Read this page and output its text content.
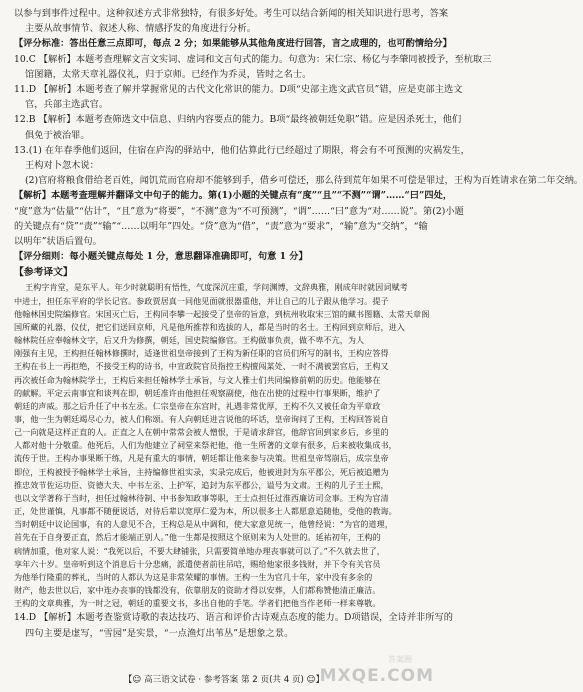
以参与到事件过程中。这种叙述方式非常独特，有很多好处。考生可以结合新闻的相关知识进行思考，答案
主要从故事情节、叙述人称、情感抒发的角度进行分析。
【评分标准：答出任意三点即可，每点 2 分；如果能够从其他角度进行回答，言之成理的，也可酌情给分】
10.C 【解析】本题考查理解文言文实词、虚词和文言句式的能力。句意为：宋仁宗、杨亿与李肇同被授予，至杭取三
馆图籍，太常天章礼器仪礼，归于京师。已经作为乔灵，皆时之名士。
11.D 【解析】本题考查了解并掌握常见的古代文化常识的能力。D项“史部主选文武官员”错，应是吏部主选文
官，兵部主选武官。
12.B 【解析】本题考查筛选文中信息、归纳内容要点的能力。B项“最终被朝廷免职”错。应是因杀死士，他们
俱免于被治罪。
13.(1) 在年春季他们返回，住宿在庐沟的驿站中，他们估算此行已经超过了期限，将会有不可预测的灾祸发生，
王构对卜忽木说：
(2)官府将粮食借给老百姓，闻饥荒而官府却不能够到手，借乡可偿还，那么待到荒年如果不可偿是罪过，王构为百姓请求在第二年交纳。
【解析】本题考查理解并翻译文中句子的能力。第(1)小题的关键点有“度”“且”“不测”“谓”……“曰”四处，
“度”意为“估量”“估计”，“且”意为“将要”，“不测”意为“不可预测”，“谓”……“曰”意为“对……说”。第(2)小题
的关键点有“贷”“责”“输”“……以明年”四处。“贷”意为“借”，“责”意为“要求”，“输”意为“交纳”，“输
以明年”状语后置句。
【评分细则：每小题关键点每处 1 分，意思翻译准确即可，句意 1 分】
【参考译文】
王构字肯堂，是东平人。年少时就聪明有悟性，气度深沉庄重，学问渊博，文辞典雅，刚成年时就因词赋考
中进士，担任东平府的学长记官。参政贾居真一同他见面就很器重他，并让自己的儿子跟从他学习。提子
他翰林国史院编修官。宋国灭亡后，王构同李攀一起接受了皇帝的旨意，到杭州收取宋三馆的藏书图籍、太常天章阁
国所藏的礼器、仪仗，把它们送回京师，凡是他所推荐和选拔的人，都是当时的名士。王构回到京师后，进入
翰林院任应奉翰林文字，后又升为修撰，朝廷，国史院编修官。王构做事负责，做不卑不亢，为人
刚强有主见，王构担任翰林修撰时，适逢世祖皇帝接到了王构为新任职的官员们所写的制书，王构应答得
王构在书上一再拒绝，不接受王构的诗书，中宣政院官员指控王构擅闯某处、一时不满被罢官后，王构又
再次被任命为翰林院学士，王构后来担任翰林学士承旨，与文人雅士们共同编修前朝的历史。他能够在
的献解。平定云南事宜和谈判在即，朝廷准许由他担任观察副使，他在出使的过程中行事果断，维护了
朝廷的声威。那之后升任了中书左丞。仁宗皇帝在东宫时，礼遇非常优厚，王构不久又被任命为平章政
事，他一生为朝廷竭尽心力，被人们称颂。有人向朝廷进言说他的坏话，皇帝询问了王构，王构回答说自
己一向就是这样正直的人。正直之人在朝中常常会被人憎恨，于是请求辞官，他辞官回到家乡后，乡里的
人都对他十分敬重。他死后，人们为他建立了祠堂来祭祀他，他一生所著的文章有很多，后来被收集成书，
流传于世。王构办事果断干练，凡是有重大的事情，朝廷都让他来参与决策。世祖皇帝驾崩后，成宗皇帝
即位，王构被授予翰林学士承旨，主持编修世祖实录，实录完成后，他被进封为东平郡公，死后被追赠为
推忠效节佐运功臣、资德大夫、中书左丞、上护军，追封为东平郡公，谥号为文肃。王构的儿子王士熙，
也以文学著称于当时，担任过翰林待制、中书参知政事等职，王士点担任过淮西廉访司佥事。王构为官清
正，处世谨慎，凡事都不随便说话，对待后辈以宽厚仁爱为本，所以很多士人都愿意追随他，受他的教诲。
当时朝廷中议论国事，有的人意见不合，王构总是从中调和，使大家意见统一，他曾经说：“为官的道理，
首先在于自身要正直，然后才能端正别人。”他一生都是按照这个原则来为人处世的。延祐初年，王构的
病情加重，他对家人说：“我死以后，不要大肆铺张，只需要简单地办理丧事就可以了。”不久就去世了，
享年六十岁。皇帝听到这个消息后十分悲痛，派遣使者前往吊唁，赐给他家很多钱财，并下令有关官员
为他举行隆重的葬礼，当时的人都认为这是非常荣耀的事情。王构一生为官几十年，家中没有多余的
财产，他去世以后，家中连办丧事的钱都没有，依靠朋友的资助才得以安葬，人们都称赞他清正廉洁。
王构的文章典雅，为一时之冠，朝廷的重要文书，多出自他的手笔。学者们把他当作老师一样来尊敬。
14.D 【解析】本题考查鉴赏诗歌的表达技巧、语言和评价古诗观点态度的能力。D项错误，全诗并非所写的
四句主要是虚写，“雪园”是实景，“一点渔灯出苇丛”是想象之景。
答案圈
MXQE.COM
【☺ 高三语文试卷 · 参考答案 第 2 页(共 4 页) ☺】
